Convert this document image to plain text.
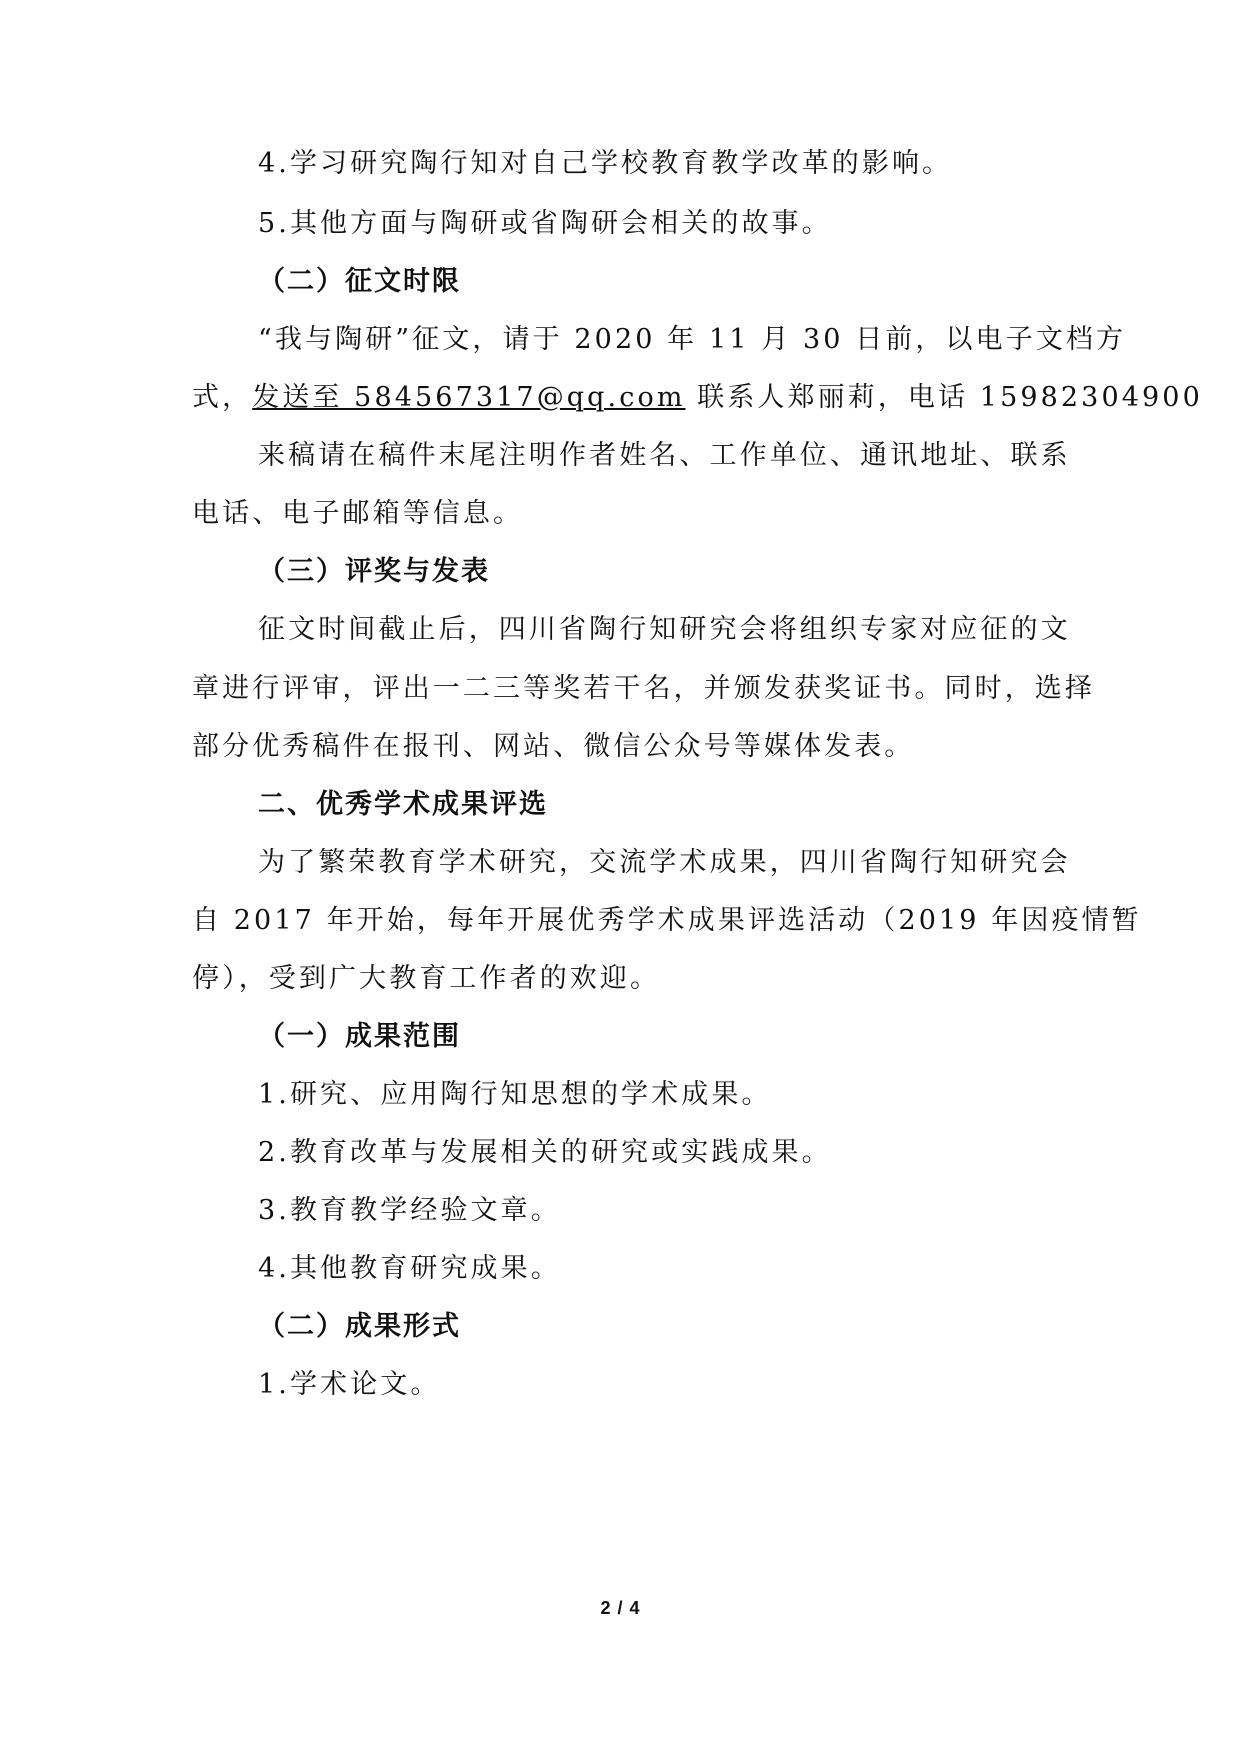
4.学习研究陶行知对自己学校教育教学改革的影响。
5.其他方面与陶研或省陶研会相关的故事。
（二）征文时限
“我与陶研”征文，请于 2020 年 11 月 30 日前，以电子文档方
式，发送至 584567317@qq.com 联系人郑丽莉，电话 15982304900
来稿请在稿件末尾注明作者姓名、工作单位、通讯地址、联系
电话、电子邮箱等信息。
（三）评奖与发表
征文时间截止后，四川省陶行知研究会将组织专家对应征的文
章进行评审，评出一二三等奖若干名，并颁发获奖证书。同时，选择
部分优秀稿件在报刊、网站、微信公众号等媒体发表。
二、优秀学术成果评选
为了繁荣教育学术研究，交流学术成果，四川省陶行知研究会
自 2017 年开始，每年开展优秀学术成果评选活动（2019 年因疫情暂
停），受到广大教育工作者的欢迎。
（一）成果范围
1.研究、应用陶行知思想的学术成果。
2.教育改革与发展相关的研究或实践成果。
3.教育教学经验文章。
4.其他教育研究成果。
（二）成果形式
1.学术论文。
2 / 4
